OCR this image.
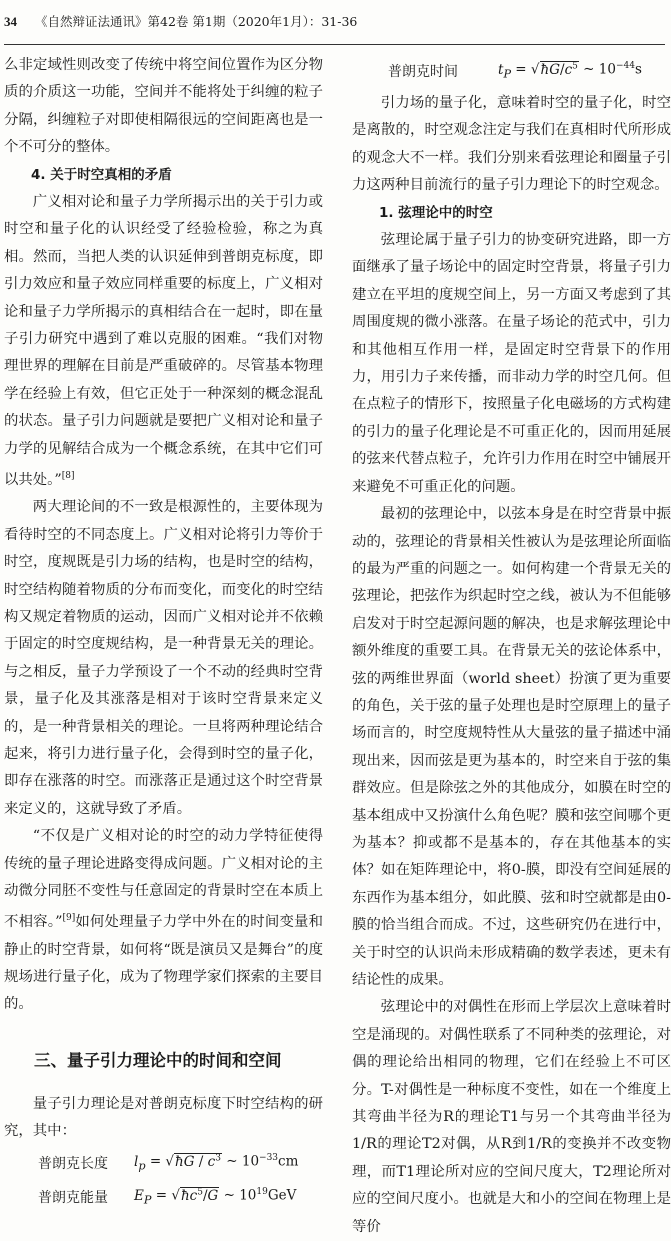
34 《自然辩证法通讯》第42卷 第1期（2020年1月）：31-36

么非定域性则改变了传统中将空间位置作为区分物质的介质这一功能，空间并不能将处于纠缠的粒子分隔，纠缠粒子对即使相隔很远的空间距离也是一个不可分的整体。

4. 关于时空真相的矛盾

广义相对论和量子力学所揭示出的关于引力或时空和量子化的认识经受了经验检验，称之为真相。然而，当把人类的认识延伸到普朗克标度，即引力效应和量子效应同样重要的标度上，广义相对论和量子力学所揭示的真相结合在一起时，即在量子引力研究中遇到了难以克服的困难。“我们对物理世界的理解在目前是严重破碎的。尽管基本物理学在经验上有效，但它正处于一种深刻的概念混乱的状态。量子引力问题就是要把广义相对论和量子力学的见解结合成为一个概念系统，在其中它们可以共处。”[8]

两大理论间的不一致是根源性的，主要体现为看待时空的不同态度上。广义相对论将引力等价于时空，度规既是引力场的结构，也是时空的结构，时空结构随着物质的分布而变化，而变化的时空结构又规定着物质的运动，因而广义相对论并不依赖于固定的时空度规结构，是一种背景无关的理论。与之相反，量子力学预设了一个不动的经典时空背景，量子化及其涨落是相对于该时空背景来定义的，是一种背景相关的理论。一旦将两种理论结合起来，将引力进行量子化，会得到时空的量子化，即存在涨落的时空。而涨落正是通过这个时空背景来定义的，这就导致了矛盾。

“不仅是广义相对论的时空的动力学特征使得传统的量子理论进路变得成问题。广义相对论的主动微分同胚不变性与任意固定的背景时空在本质上不相容。”[9]如何处理量子力学中外在的时间变量和静止的时空背景，如何将“既是演员又是舞台”的度规场进行量子化，成为了物理学家们探索的主要目的。

三、量子引力理论中的时间和空间

量子引力理论是对普朗克标度下时空结构的研究，其中：

普朗克长度	$l_p$ = √ħG / $c^3$ ~ $10^{-33}cm$
普朗克能量	$E_P$ = $√ħc^5/G$ ~ $10^{19}GeV$
普朗克时间	$t_P$ = $√ħG/c^5$ ~ $10^{-44}s$

引力场的量子化，意味着时空的量子化，时空是离散的，时空观念注定与我们在真相时代所形成的观念大不一样。我们分别来看弦理论和圈量子引力这两种目前流行的量子引力理论下的时空观念。

1. 弦理论中的时空

弦理论属于量子引力的协变研究进路，即一方面继承了量子场论中的固定时空背景，将量子引力建立在平坦的度规空间上，另一方面又考虑到了其周围度规的微小涨落。在量子场论的范式中，引力和其他相互作用一样，是固定时空背景下的作用力，用引力子来传播，而非动力学的时空几何。但在点粒子的情形下，按照量子化电磁场的方式构建的引力的量子化理论是不可重正化的，因而用延展的弦来代替点粒子，允许引力作用在时空中铺展开来避免不可重正化的问题。

最初的弦理论中，以弦本身是在时空背景中振动的，弦理论的背景相关性被认为是弦理论所面临的最为严重的问题之一。如何构建一个背景无关的弦理论，把弦作为织起时空之线，被认为不但能够启发对于时空起源问题的解决，也是求解弦理论中额外维度的重要工具。在背景无关的弦论体系中，弦的两维世界面（world sheet）扮演了更为重要的角色，关于弦的量子处理也是时空原理上的量子场而言的，时空度规特性从大量弦的量子描述中涌现出来，因而弦是更为基本的，时空来自于弦的集群效应。但是除弦之外的其他成分，如膜在时空的基本组成中又扮演什么角色呢？膜和弦空间哪个更为基本？抑或都不是基本的，存在其他基本的实体？如在矩阵理论中，将0-膜，即没有空间延展的东西作为基本组分，如此膜、弦和时空就都是由0-膜的恰当组合而成。不过，这些研究仍在进行中，关于时空的认识尚未形成精确的数学表述，更未有结论性的成果。

弦理论中的对偶性在形而上学层次上意味着时空是涌现的。对偶性联系了不同种类的弦理论，对偶的理论给出相同的物理，它们在经验上不可区分。T-对偶性是一种标度不变性，如在一个维度上其弯曲半径为R的理论T1与另一个其弯曲半径为1/R的理论T2对偶，从R到1/R的变换并不改变物理，而T1理论所对应的空间尺度大，T2理论所对应的空间尺度小。也就是大和小的空间在物理上是等价
